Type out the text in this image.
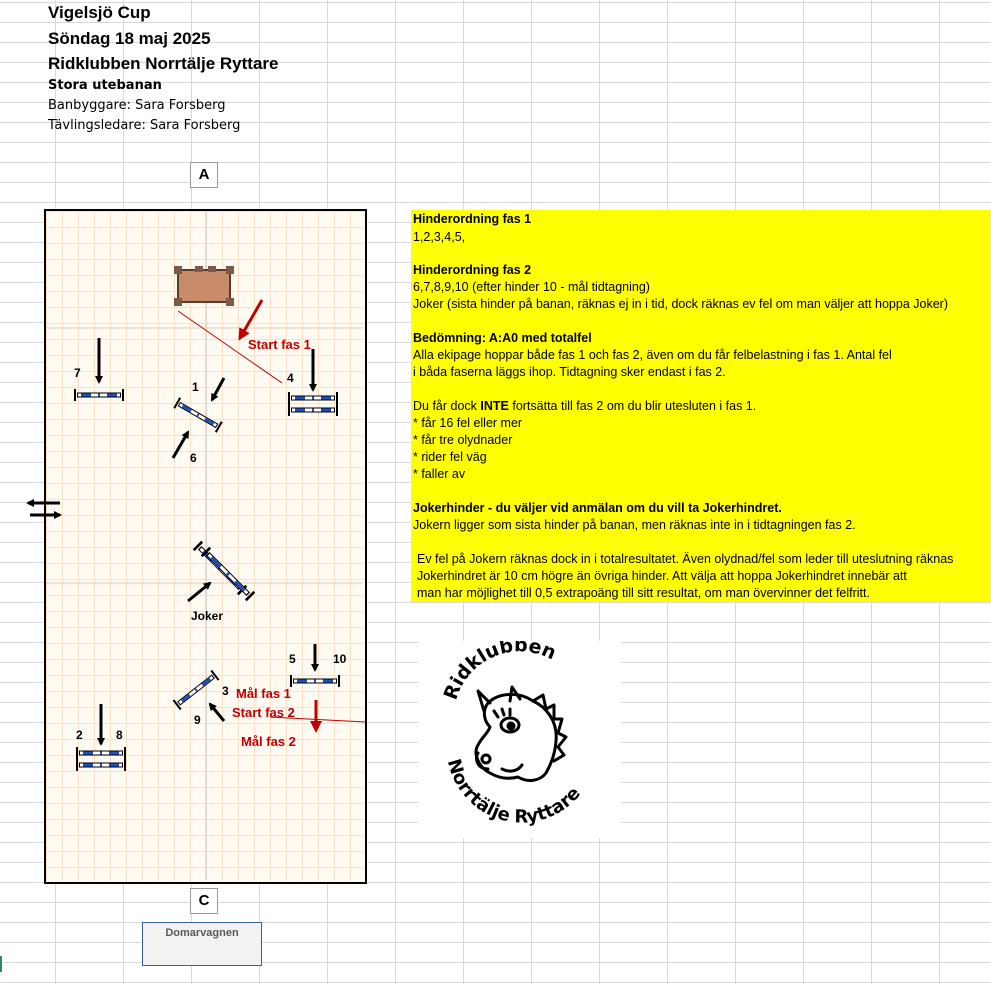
Vigelsjö Cup
Söndag 18 maj 2025
Ridklubben Norrtälje Ryttare
Stora utebanan
Banbyggare: Sara Forsberg
Tävlingsledare: Sara Forsberg
A
C
Start fas 1
7
1
6
4
Joker
5	10
3
9
Mål fas 1
Start fas 2
Mål fas 2
2	8
Hinderordning fas 1
1,2,3,4,5,
Hinderordning fas 2
6,7,8,9,10 (efter hinder 10 - mål tidtagning)
Joker (sista hinder på banan, räknas ej in i tid, dock räknas ev fel om man väljer att hoppa Joker)
Bedömning: A:A0 med totalfel
Alla ekipage hoppar både fas 1 och fas 2, även om du får felbelastning i fas 1. Antal fel
i båda faserna läggs ihop. Tidtagning sker endast i fas 2.
Du får dock INTE fortsätta till fas 2 om du blir utesluten i fas 1.
* får 16 fel eller mer
* får tre olydnader
* rider fel väg
* faller av
Jokerhinder - du väljer vid anmälan om du vill ta Jokerhindret.
Jokern ligger som sista hinder på banan, men räknas inte in i tidtagningen fas 2.
Ev fel på Jokern räknas dock in i totalresultatet. Även olydnad/fel som leder till uteslutning räknas
Jokerhindret är 10 cm högre än övriga hinder. Att välja att hoppa Jokerhindret innebär att
man har möjlighet till 0,5 extrapoäng till sitt resultat, om man övervinner det felfritt.
Ridklubben
Norrtälje Ryttare
Domarvagnen
